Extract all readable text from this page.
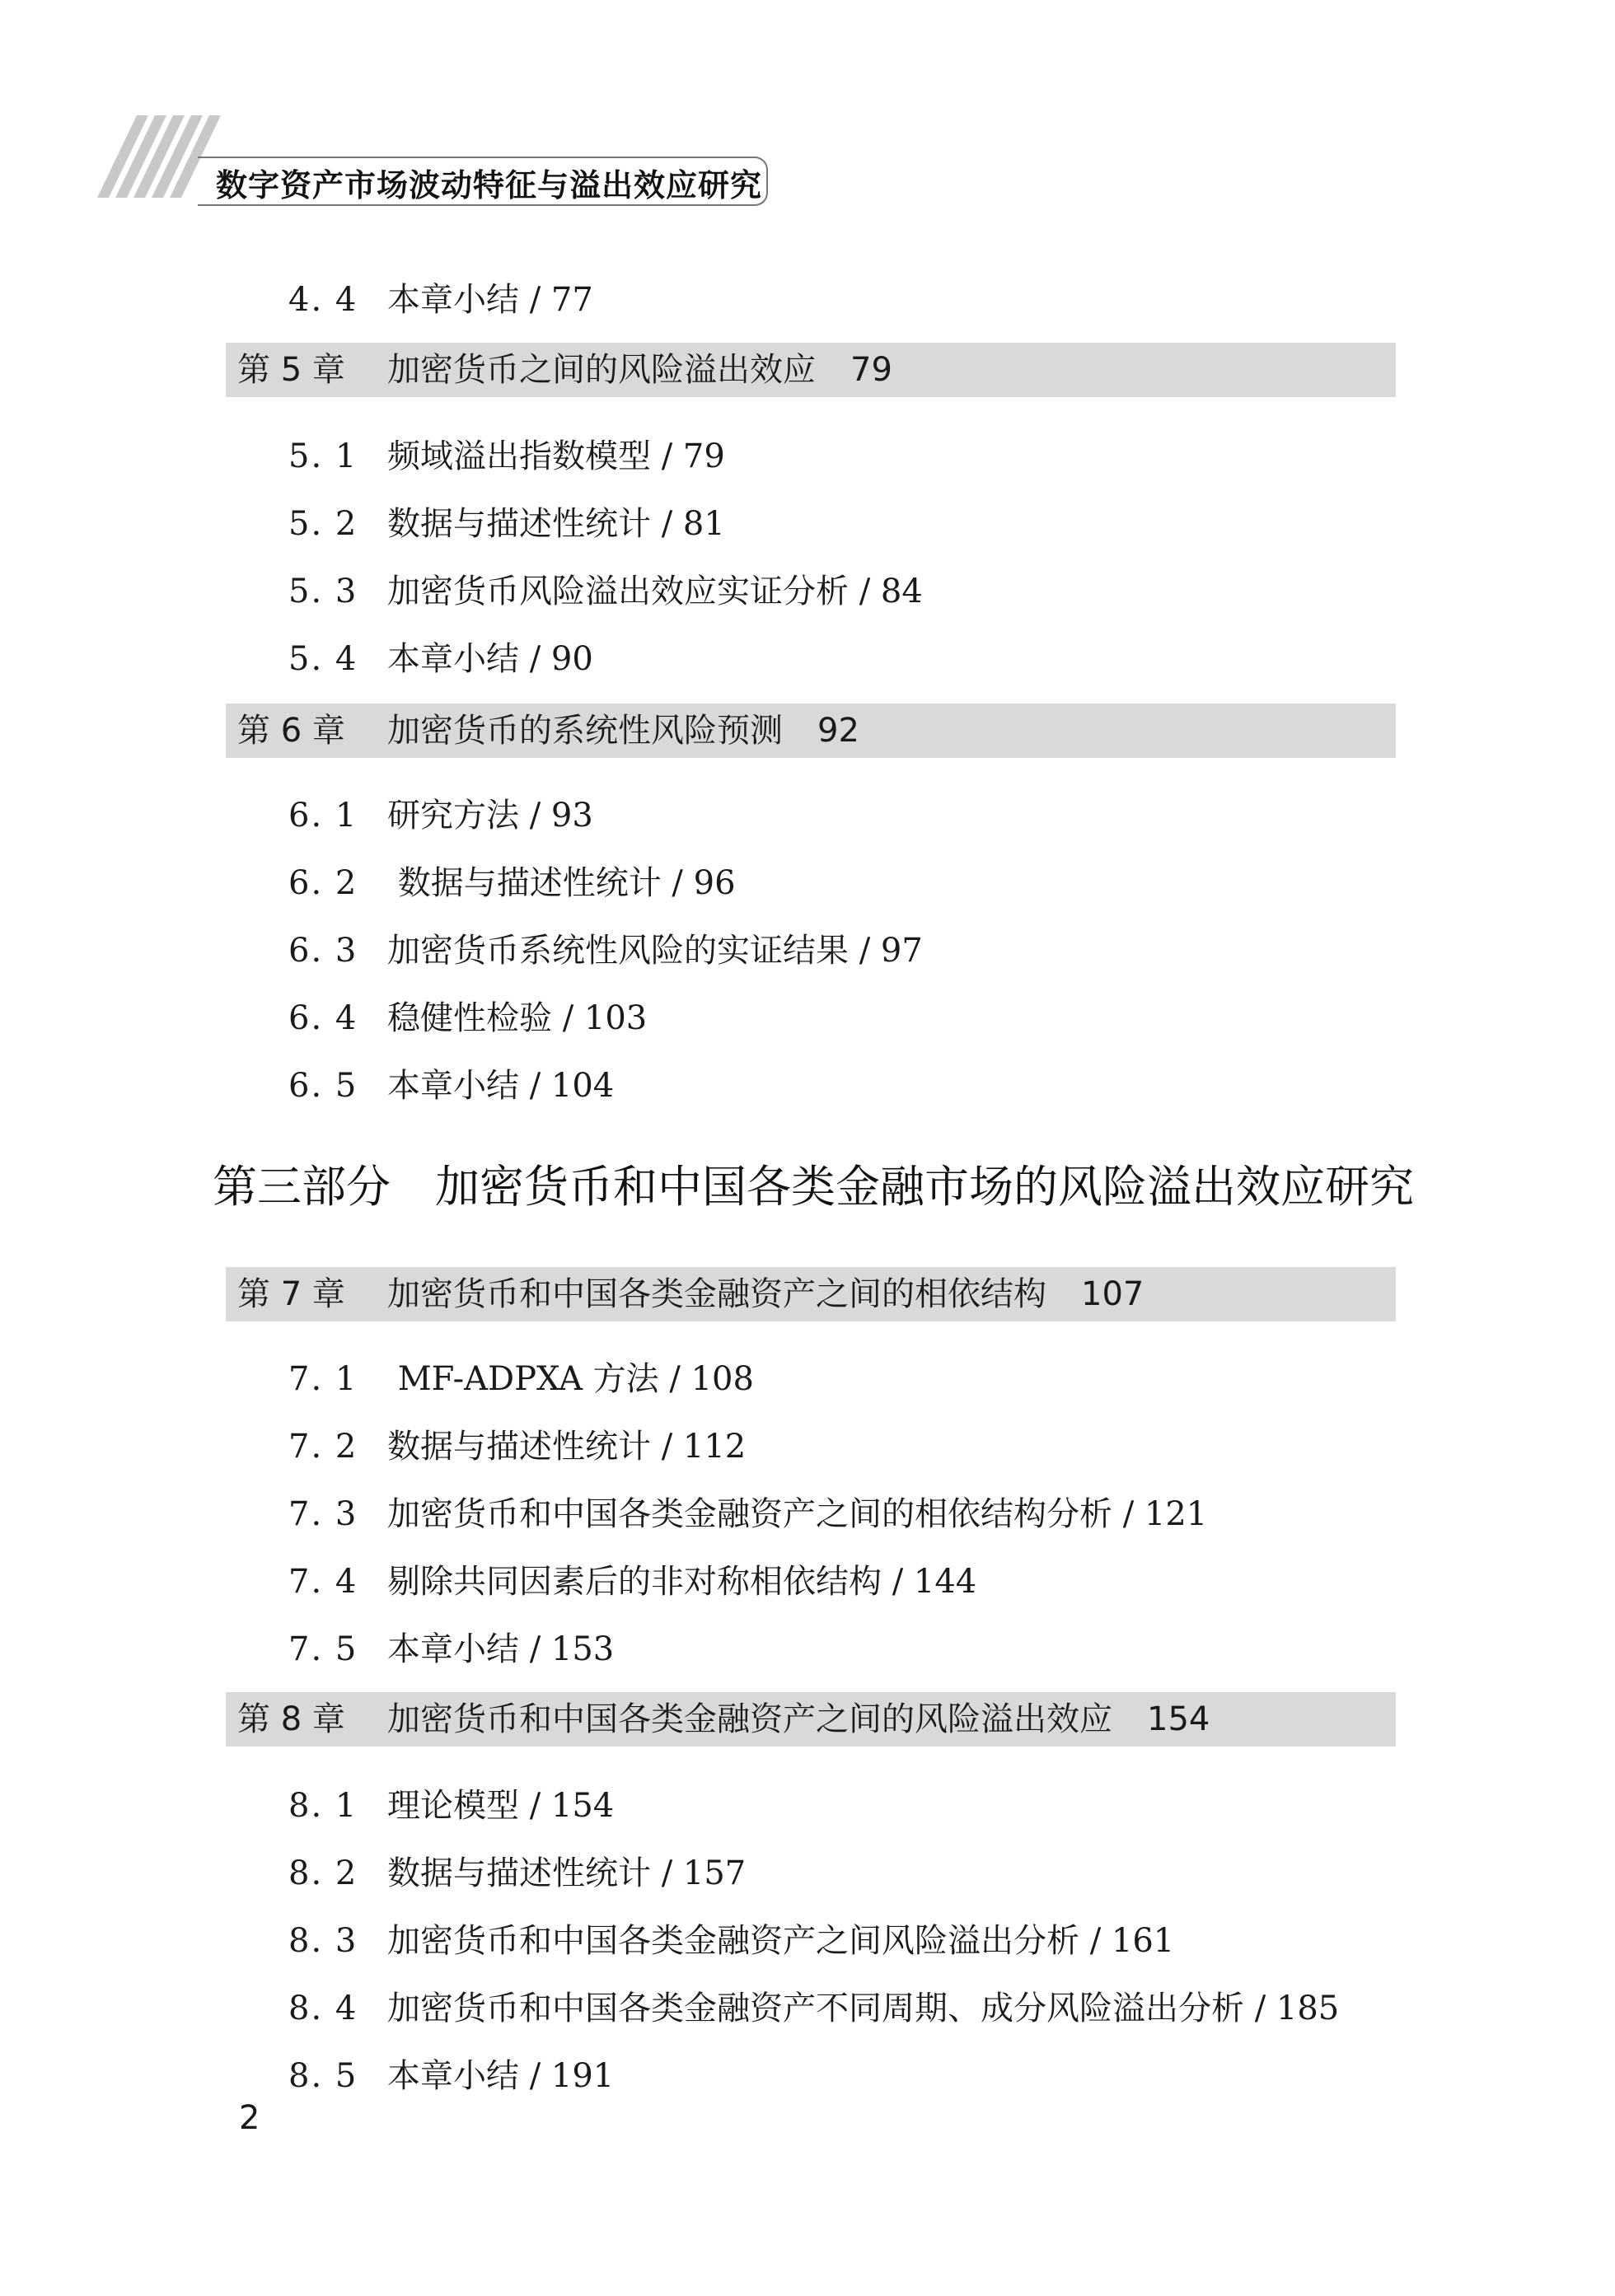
数字资产市场波动特征与溢出效应研究
4. 4 本章小结 / 77
第 5 章 加密货币之间的风险溢出效应 79
5. 1 频域溢出指数模型 / 79
5. 2 数据与描述性统计 / 81
5. 3 加密货币风险溢出效应实证分析 / 84
5. 4 本章小结 / 90
第 6 章 加密货币的系统性风险预测 92
6. 1 研究方法 / 93
6. 2 数据与描述性统计 / 96
6. 3 加密货币系统性风险的实证结果 / 97
6. 4 稳健性检验 / 103
6. 5 本章小结 / 104
第三部分 加密货币和中国各类金融市场的风险溢出效应研究
第 7 章 加密货币和中国各类金融资产之间的相依结构 107
7. 1 MF-ADPXA 方法 / 108
7. 2 数据与描述性统计 / 112
7. 3 加密货币和中国各类金融资产之间的相依结构分析 / 121
7. 4 剔除共同因素后的非对称相依结构 / 144
7. 5 本章小结 / 153
第 8 章 加密货币和中国各类金融资产之间的风险溢出效应 154
8. 1 理论模型 / 154
8. 2 数据与描述性统计 / 157
8. 3 加密货币和中国各类金融资产之间风险溢出分析 / 161
8. 4 加密货币和中国各类金融资产不同周期、成分风险溢出分析 / 185
8. 5 本章小结 / 191
2
